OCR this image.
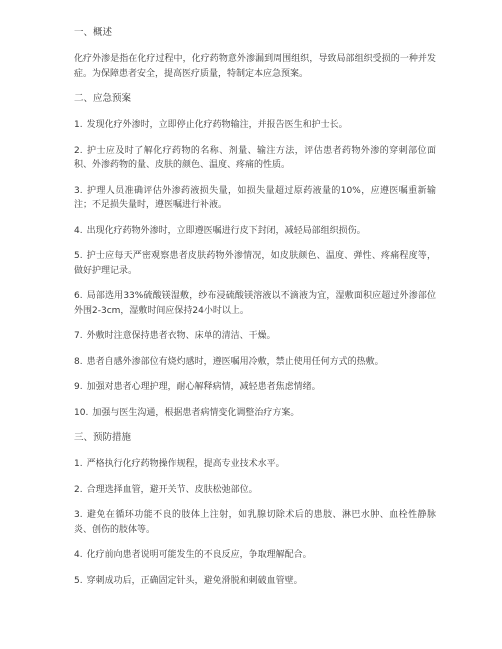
一、概述

化疗外渗是指在化疗过程中，化疗药物意外渗漏到周围组织，导致局部组织受损的一种并发症。为保障患者安全，提高医疗质量，特制定本应急预案。

二、应急预案

1. 发现化疗外渗时，立即停止化疗药物输注，并报告医生和护士长。

2. 护士应及时了解化疗药物的名称、剂量、输注方法，评估患者药物外渗的穿刺部位面积、外渗药物的量、皮肤的颜色、温度、疼痛的性质。

3. 护理人员准确评估外渗药液损失量，如损失量超过原药液量的10%，应遵医嘱重新输注；不足损失量时，遵医嘱进行补液。

4. 出现化疗药物外渗时，立即遵医嘱进行皮下封闭，减轻局部组织损伤。

5. 护士应每天严密观察患者皮肤药物外渗情况，如皮肤颜色、温度、弹性、疼痛程度等，做好护理记录。

6. 局部选用33%硫酸镁湿敷，纱布浸硫酸镁溶液以不滴液为宜，湿敷面积应超过外渗部位外围2-3cm，湿敷时间应保持24小时以上。

7. 外敷时注意保持患者衣物、床单的清洁、干燥。

8. 患者自感外渗部位有烧灼感时，遵医嘱用冷敷，禁止使用任何方式的热敷。

9. 加强对患者心理护理，耐心解释病情，减轻患者焦虑情绪。

10. 加强与医生沟通，根据患者病情变化调整治疗方案。

三、预防措施

1. 严格执行化疗药物操作规程，提高专业技术水平。

2. 合理选择血管，避开关节、皮肤松弛部位。

3. 避免在循环功能不良的肢体上注射，如乳腺切除术后的患肢、淋巴水肿、血栓性静脉炎、创伤的肢体等。

4. 化疗前向患者说明可能发生的不良反应，争取理解配合。

5. 穿刺成功后，正确固定针头，避免滑脱和刺破血管壁。
